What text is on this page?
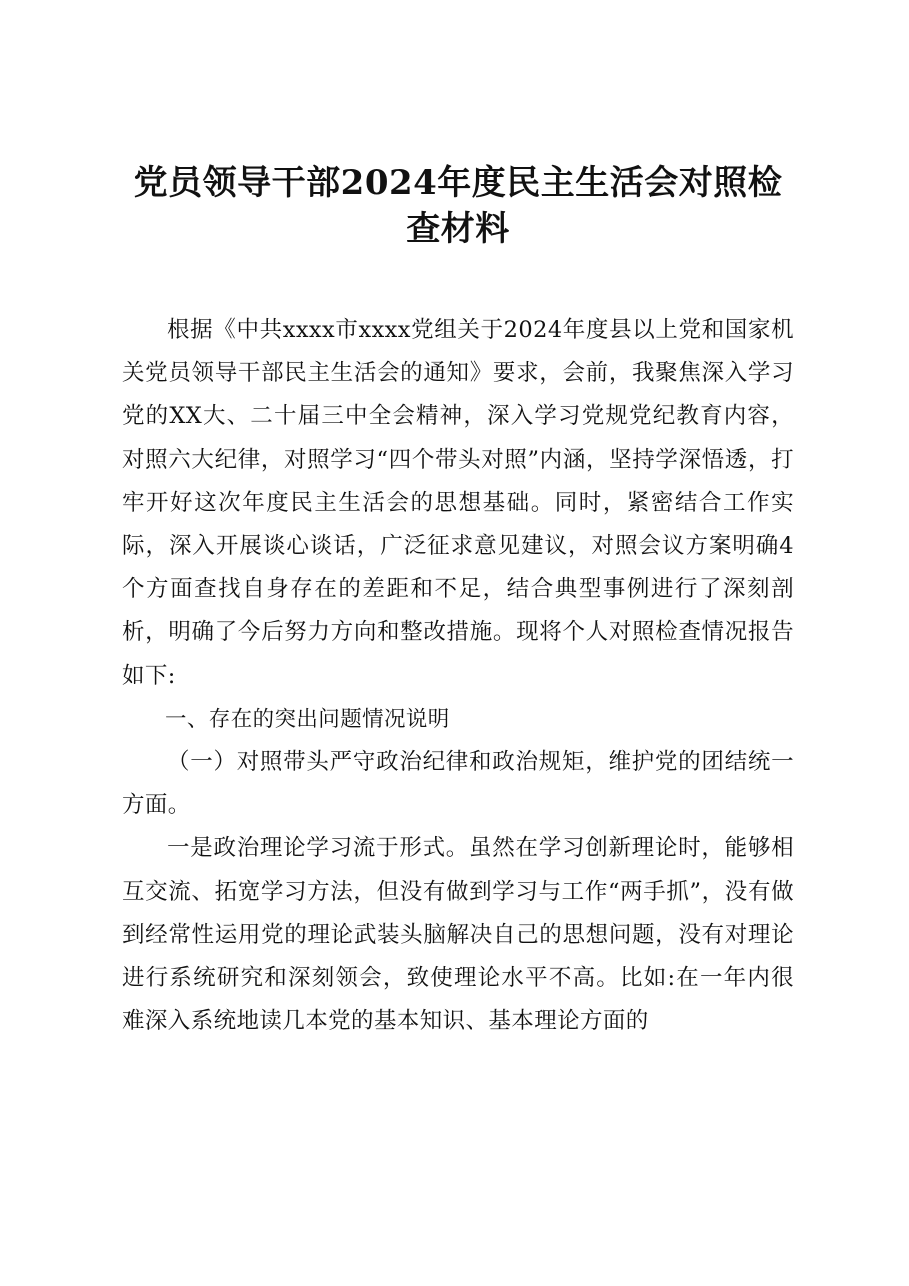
党员领导干部2024年度民主生活会对照检查材料

根据《中共xxxx市xxxx党组关于2024年度县以上党和国家机关党员领导干部民主生活会的通知》要求，会前，我聚焦深入学习党的XX大、二十届三中全会精神，深入学习党规党纪教育内容，对照六大纪律，对照学习“四个带头对照”内涵，坚持学深悟透，打牢开好这次年度民主生活会的思想基础。同时，紧密结合工作实际，深入开展谈心谈话，广泛征求意见建议，对照会议方案明确4个方面查找自身存在的差距和不足，结合典型事例进行了深刻剖析，明确了今后努力方向和整改措施。现将个人对照检查情况报告如下:

一、存在的突出问题情况说明

（一）对照带头严守政治纪律和政治规矩，维护党的团结统一方面。

一是政治理论学习流于形式。虽然在学习创新理论时，能够相互交流、拓宽学习方法，但没有做到学习与工作“两手抓”，没有做到经常性运用党的理论武装头脑解决自己的思想问题，没有对理论进行系统研究和深刻领会，致使理论水平不高。比如:在一年内很难深入系统地读几本党的基本知识、基本理论方面的
